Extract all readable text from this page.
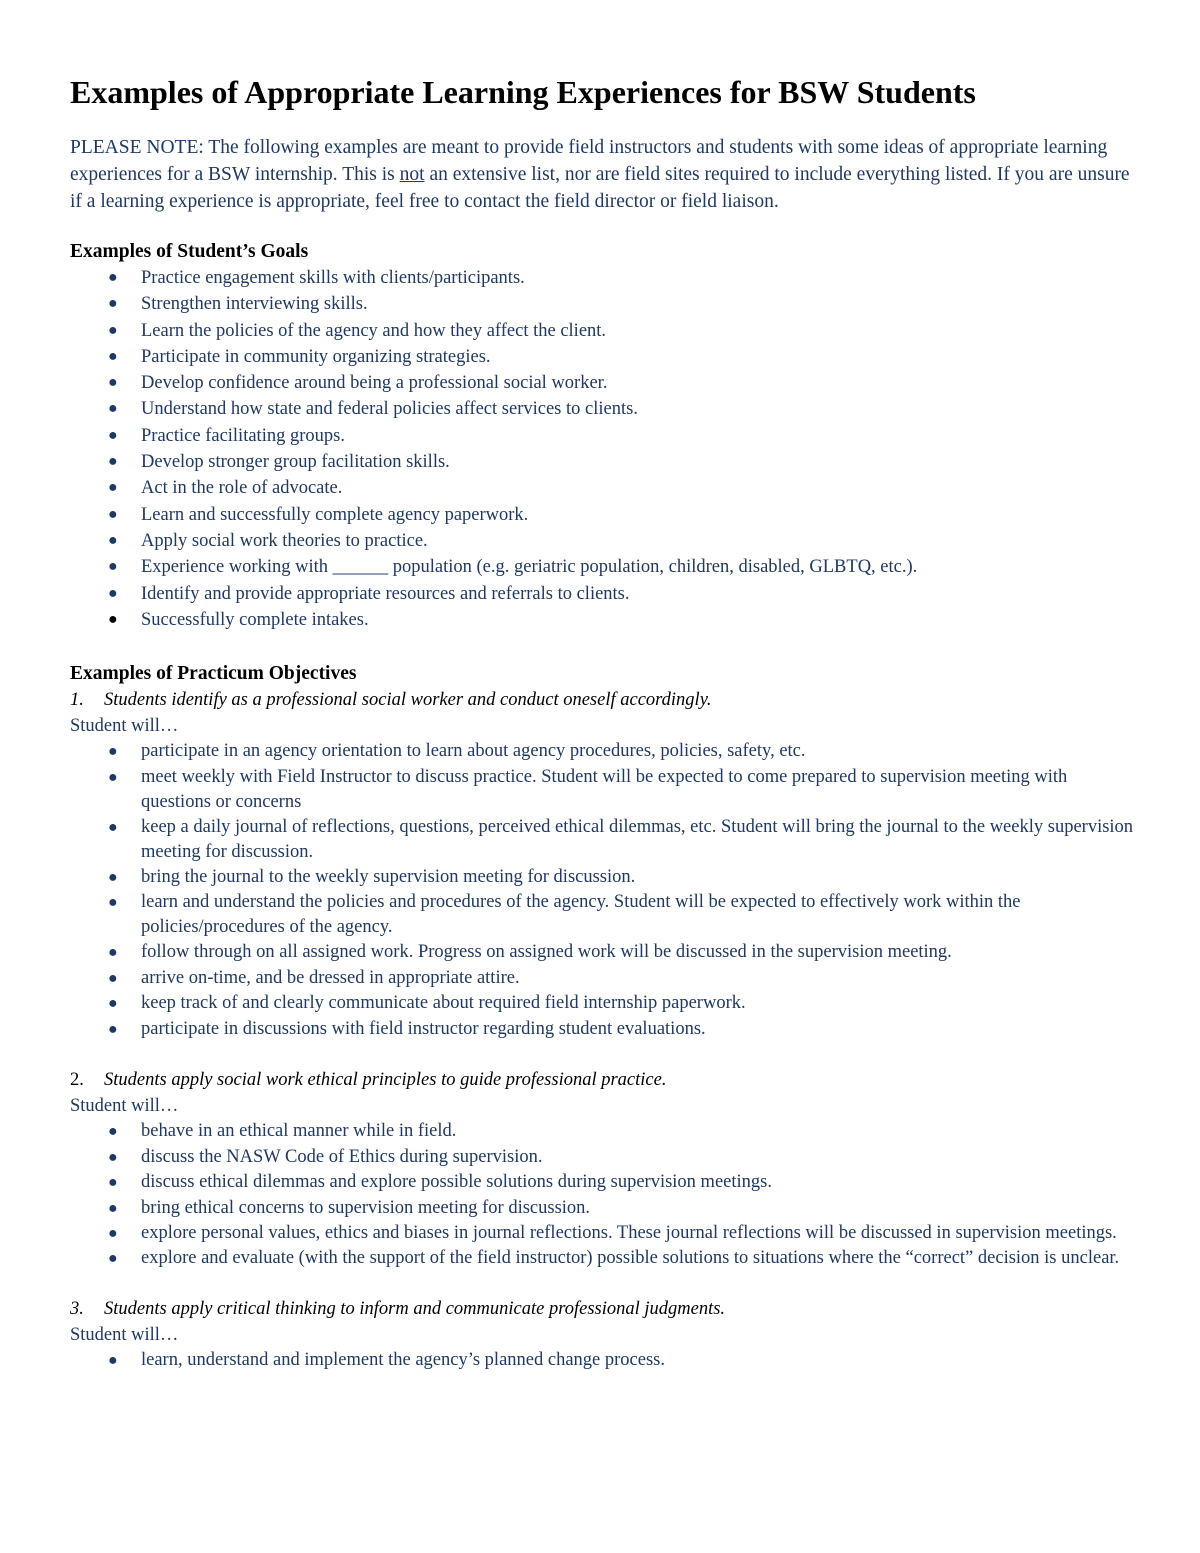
Examples of Appropriate Learning Experiences for BSW Students

PLEASE NOTE: The following examples are meant to provide field instructors and students with some ideas of appropriate learning experiences for a BSW internship. This is not an extensive list, nor are field sites required to include everything listed. If you are unsure if a learning experience is appropriate, feel free to contact the field director or field liaison.

Examples of Student’s Goals

● Practice engagement skills with clients/participants.
● Strengthen interviewing skills.
● Learn the policies of the agency and how they affect the client.
● Participate in community organizing strategies.
● Develop confidence around being a professional social worker.
● Understand how state and federal policies affect services to clients.
● Practice facilitating groups.
● Develop stronger group facilitation skills.
● Act in the role of advocate.
● Learn and successfully complete agency paperwork.
● Apply social work theories to practice.
● Experience working with ______ population (e.g. geriatric population, children, disabled, GLBTQ, etc.).
● Identify and provide appropriate resources and referrals to clients.
● Successfully complete intakes.

Examples of Practicum Objectives

1. Students identify as a professional social worker and conduct oneself accordingly.

Student will…

● participate in an agency orientation to learn about agency procedures, policies, safety, etc.
● meet weekly with Field Instructor to discuss practice. Student will be expected to come prepared to supervision meeting with questions or concerns
● keep a daily journal of reflections, questions, perceived ethical dilemmas, etc. Student will bring the journal to the weekly supervision meeting for discussion.
● bring the journal to the weekly supervision meeting for discussion.
● learn and understand the policies and procedures of the agency. Student will be expected to effectively work within the policies/procedures of the agency.
● follow through on all assigned work. Progress on assigned work will be discussed in the supervision meeting.
● arrive on-time, and be dressed in appropriate attire.
● keep track of and clearly communicate about required field internship paperwork.
● participate in discussions with field instructor regarding student evaluations.

2. Students apply social work ethical principles to guide professional practice.

Student will…

● behave in an ethical manner while in field.
● discuss the NASW Code of Ethics during supervision.
● discuss ethical dilemmas and explore possible solutions during supervision meetings.
● bring ethical concerns to supervision meeting for discussion.
● explore personal values, ethics and biases in journal reflections. These journal reflections will be discussed in supervision meetings.
● explore and evaluate (with the support of the field instructor) possible solutions to situations where the “correct” decision is unclear.

3. Students apply critical thinking to inform and communicate professional judgments.

Student will…

● learn, understand and implement the agency’s planned change process.
